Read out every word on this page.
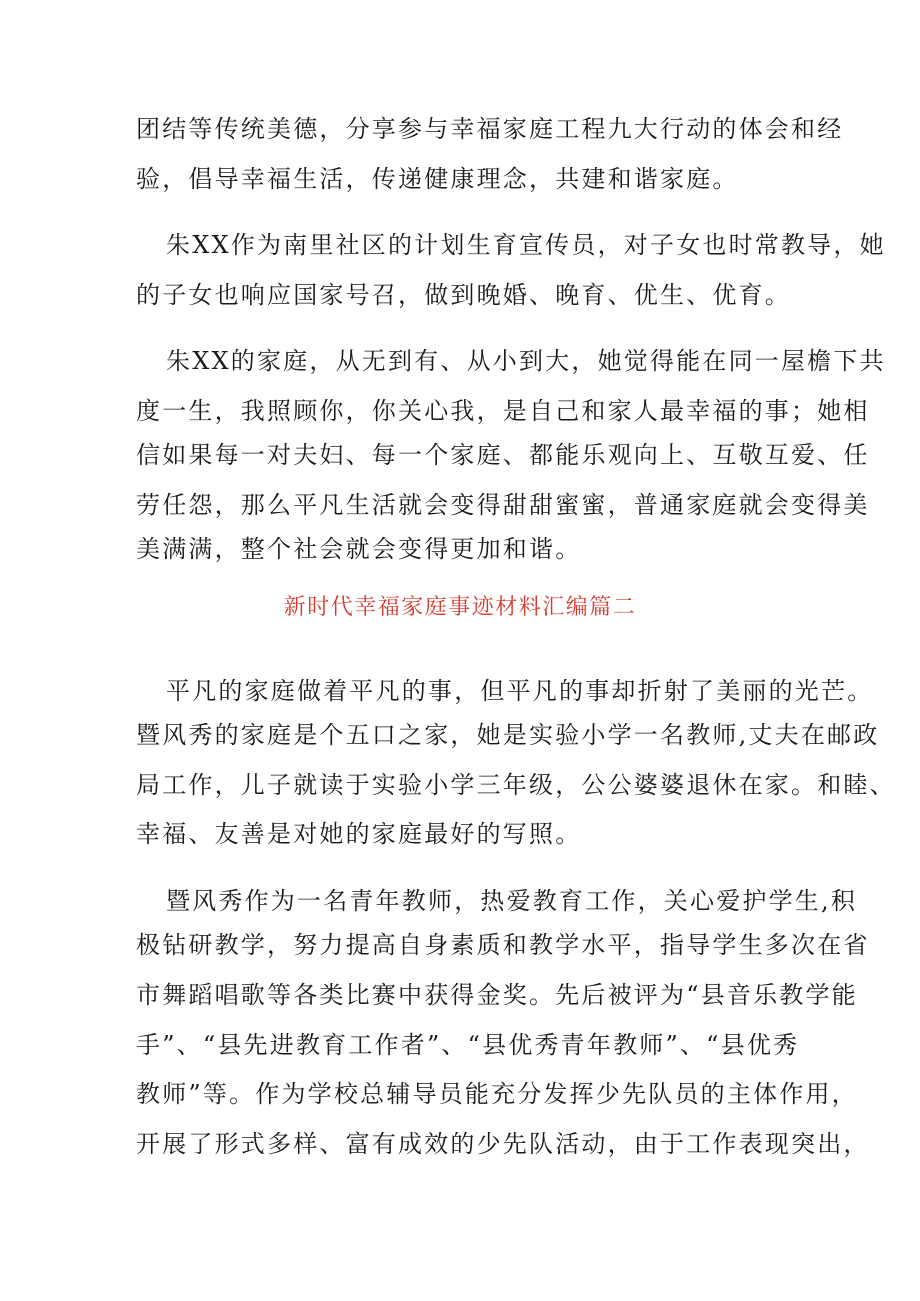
团结等传统美德，分享参与幸福家庭工程九大行动的体会和经
验，倡导幸福生活，传递健康理念，共建和谐家庭。
朱XX作为南里社区的计划生育宣传员，对子女也时常教导，她
的子女也响应国家号召，做到晚婚、晚育、优生、优育。
朱XX的家庭，从无到有、从小到大，她觉得能在同一屋檐下共
度一生，我照顾你，你关心我，是自己和家人最幸福的事；她相
信如果每一对夫妇、每一个家庭、都能乐观向上、互敬互爱、任
劳任怨，那么平凡生活就会变得甜甜蜜蜜，普通家庭就会变得美
美满满，整个社会就会变得更加和谐。
新时代幸福家庭事迹材料汇编篇二
平凡的家庭做着平凡的事，但平凡的事却折射了美丽的光芒。
暨风秀的家庭是个五口之家，她是实验小学一名教师,丈夫在邮政
局工作，儿子就读于实验小学三年级，公公婆婆退休在家。和睦、
幸福、友善是对她的家庭最好的写照。
暨风秀作为一名青年教师，热爱教育工作，关心爱护学生,积
极钻研教学，努力提高自身素质和教学水平，指导学生多次在省
市舞蹈唱歌等各类比赛中获得金奖。先后被评为“县音乐教学能
手”、“县先进教育工作者”、“县优秀青年教师”、“县优秀
教师”等。作为学校总辅导员能充分发挥少先队员的主体作用，
开展了形式多样、富有成效的少先队活动，由于工作表现突出，
